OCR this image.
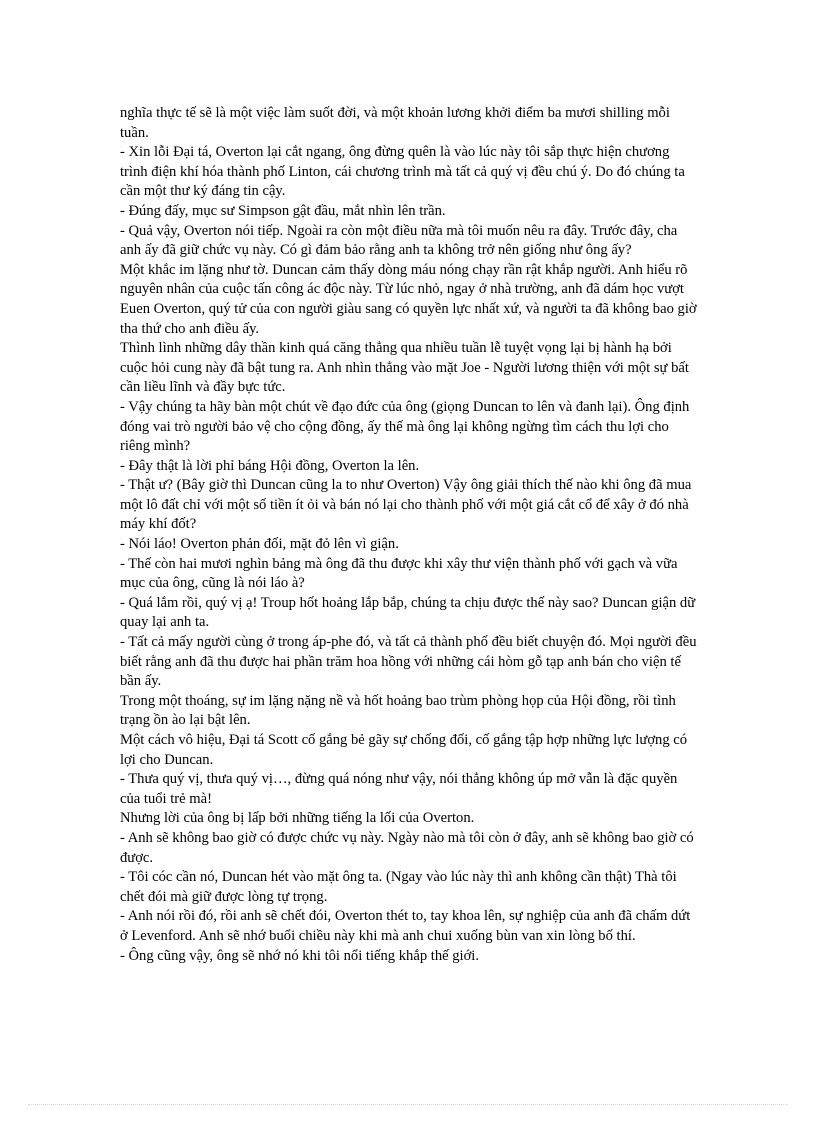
nghĩa thực tế sẽ là một việc làm suốt đời, và một khoản lương khởi điểm ba mươi shilling mỗi tuần.

- Xin lỗi Đại tá, Overton lại cắt ngang, ông đừng quên là vào lúc này tôi sắp thực hiện chương trình điện khí hóa thành phố Linton, cái chương trình mà tất cả quý vị đều chú ý. Do đó chúng ta cần một thư ký đáng tin cậy.

- Đúng đấy, mục sư Simpson gật đầu, mắt nhìn lên trần.

- Quả vậy, Overton nói tiếp. Ngoài ra còn một điều nữa mà tôi muốn nêu ra đây. Trước đây, cha anh ấy đã giữ chức vụ này. Có gì đảm bảo rằng anh ta không trở nên giống như ông ấy?

Một khắc im lặng như tờ. Duncan cảm thấy dòng máu nóng chạy rần rật khắp người. Anh hiểu rõ nguyên nhân của cuộc tấn công ác độc này. Từ lúc nhỏ, ngay ở nhà trường, anh đã dám học vượt Euen Overton, quý tử của con người giàu sang có quyền lực nhất xứ, và người ta đã không bao giờ tha thứ cho anh điều ấy.

Thình lình những dây thần kinh quá căng thẳng qua nhiều tuần lễ tuyệt vọng lại bị hành hạ bởi cuộc hỏi cung này đã bật tung ra. Anh nhìn thẳng vào mặt Joe - Người lương thiện với một sự bất cần liều lĩnh và đầy bực tức.

- Vậy chúng ta hãy bàn một chút về đạo đức của ông (giọng Duncan to lên và đanh lại). Ông định đóng vai trò người bảo vệ cho cộng đồng, ấy thế mà ông lại không ngừng tìm cách thu lợi cho riêng mình?

- Đây thật là lời phỉ báng Hội đồng, Overton la lên.

- Thật ư? (Bây giờ thì Duncan cũng la to như Overton) Vậy ông giải thích thế nào khi ông đã mua một lô đất chỉ với một số tiền ít ỏi và bán nó lại cho thành phố với một giá cắt cổ để xây ở đó nhà máy khí đốt?

- Nói láo! Overton phản đối, mặt đỏ lên vì giận.

- Thế còn hai mươi nghìn bảng mà ông đã thu được khi xây thư viện thành phố với gạch và vữa mục của ông, cũng là nói láo à?

- Quá lắm rồi, quý vị ạ! Troup hốt hoảng lắp bắp, chúng ta chịu được thế này sao? Duncan giận dữ quay lại anh ta.

- Tất cả mấy người cùng ở trong áp-phe đó, và tất cả thành phố đều biết chuyện đó. Mọi người đều biết rằng anh đã thu được hai phần trăm hoa hồng với những cái hòm gỗ tạp anh bán cho viện tế bần ấy.

Trong một thoáng, sự im lặng nặng nề và hốt hoảng bao trùm phòng họp của Hội đồng, rồi tình trạng ồn ào lại bật lên.

Một cách vô hiệu, Đại tá Scott cố gắng bẻ gãy sự chống đối, cố gắng tập hợp những lực lượng có lợi cho Duncan.

- Thưa quý vị, thưa quý vị…, đừng quá nóng như vậy, nói thẳng không úp mở vẫn là đặc quyền của tuổi trẻ mà!

Nhưng lời của ông bị lấp bởi những tiếng la lối của Overton.

- Anh sẽ không bao giờ có được chức vụ này. Ngày nào mà tôi còn ở đây, anh sẽ không bao giờ có được.

- Tôi cóc cần nó, Duncan hét vào mặt ông ta. (Ngay vào lúc này thì anh không cần thật) Thà tôi chết đói mà giữ được lòng tự trọng.

- Anh nói rồi đó, rồi anh sẽ chết đói, Overton thét to, tay khoa lên, sự nghiệp của anh đã chấm dứt ở Levenford. Anh sẽ nhớ buổi chiều này khi mà anh chui xuống bùn van xin lòng bố thí.

- Ông cũng vậy, ông sẽ nhớ nó khi tôi nổi tiếng khắp thế giới.
